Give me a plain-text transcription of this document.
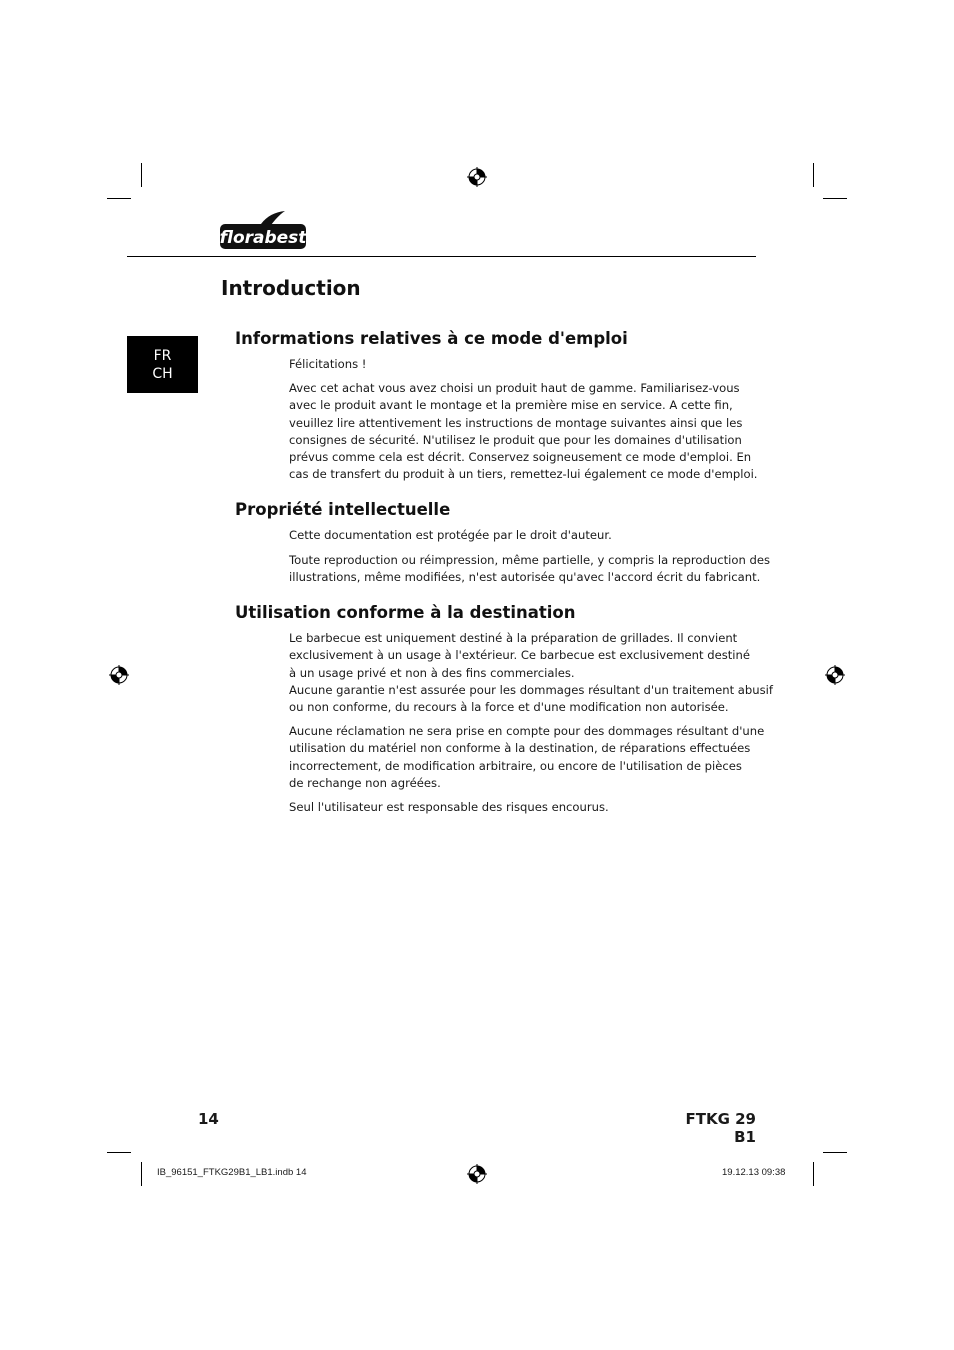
florabest
Introduction
FR
CH
Informations relatives à ce mode d'emploi

Félicitations !

Avec cet achat vous avez choisi un produit haut de gamme. Familiarisez-vous
avec le produit avant le montage et la première mise en service. A cette fin,
veuillez lire attentivement les instructions de montage suivantes ainsi que les
consignes de sécurité. N'utilisez le produit que pour les domaines d'utilisation
prévus comme cela est décrit. Conservez soigneusement ce mode d'emploi. En
cas de transfert du produit à un tiers, remettez-lui également ce mode d'emploi.

Propriété intellectuelle

Cette documentation est protégée par le droit d'auteur.

Toute reproduction ou réimpression, même partielle, y compris la reproduction des
illustrations, même modifiées, n'est autorisée qu'avec l'accord écrit du fabricant.

Utilisation conforme à la destination

Le barbecue est uniquement destiné à la préparation de grillades. Il convient
exclusivement à un usage à l'extérieur. Ce barbecue est exclusivement destiné
à un usage privé et non à des fins commerciales.
Aucune garantie n'est assurée pour les dommages résultant d'un traitement abusif
ou non conforme, du recours à la force et d'une modification non autorisée.

Aucune réclamation ne sera prise en compte pour des dommages résultant d'une
utilisation du matériel non conforme à la destination, de réparations effectuées
incorrectement, de modification arbitraire, ou encore de l'utilisation de pièces
de rechange non agréées.

Seul l'utilisateur est responsable des risques encourus.

14	FTKG 29 B1
IB_96151_FTKG29B1_LB1.indb 14	19.12.13 09:38
